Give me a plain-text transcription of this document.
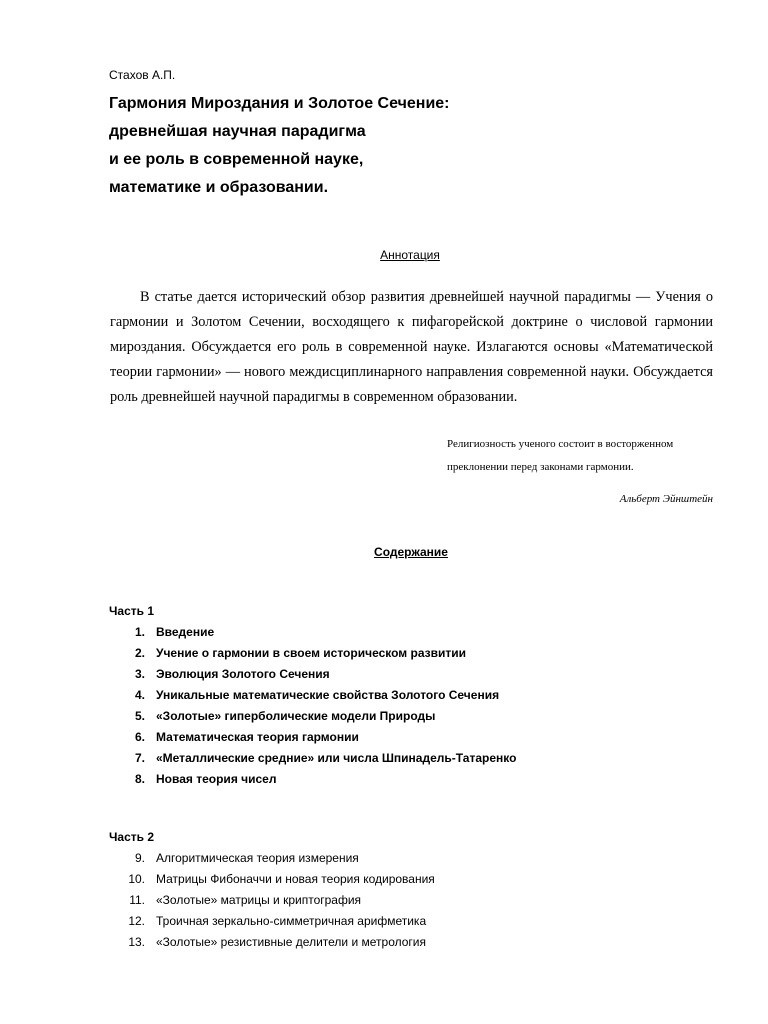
Стахов А.П.
Гармония Мироздания и Золотое Сечение:
древнейшая научная парадигма
и ее роль в современной науке,
математике и образовании.
Аннотация

В статье дается исторический обзор развития древнейшей научной парадигмы — Учения о гармонии и Золотом Сечении, восходящего к пифагорейской доктрине о числовой гармонии мироздания. Обсуждается его роль в современной науке. Излагаются основы «Математической теории гармонии» — нового междисциплинарного направления современной науки. Обсуждается роль древнейшей научной парадигмы в современном образовании.

Религиозность ученого состоит в восторженном преклонении перед законами гармонии.

Альберт Эйнштейн
Содержание
Часть 1
1. Введение
2. Учение о гармонии в своем историческом развитии
3. Эволюция Золотого Сечения
4. Уникальные математические свойства Золотого Сечения
5. «Золотые» гиперболические модели Природы
6. Математическая теория гармонии
7. «Металлические средние» или числа Шпинадель-Татаренко
8. Новая теория чисел
Часть 2
9. Алгоритмическая теория измерения
10. Матрицы Фибоначчи и новая теория кодирования
11. «Золотые» матрицы и криптография
12. Троичная зеркально-симметричная арифметика
13. «Золотые» резистивные делители и метрология
